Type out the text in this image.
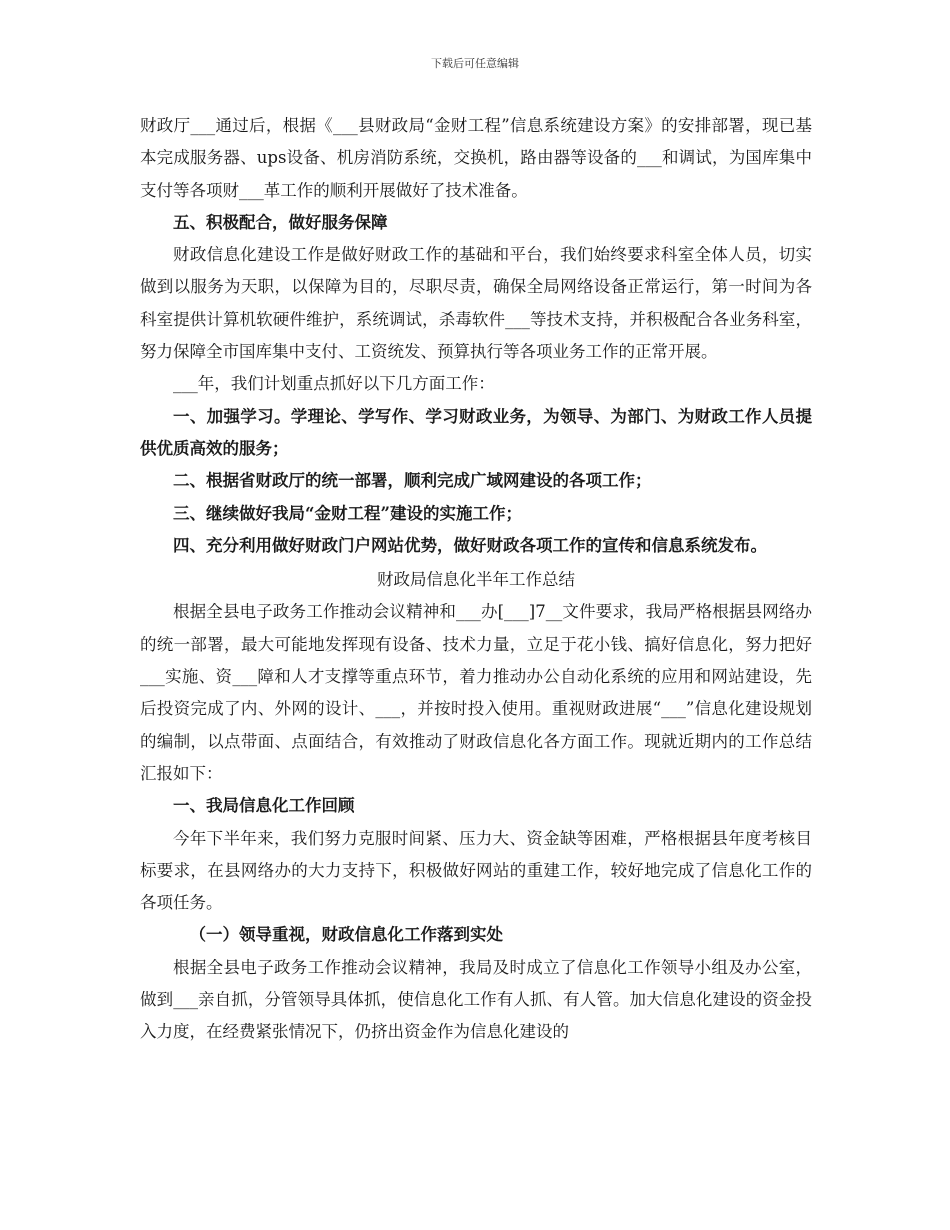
下载后可任意编辑

财政厅___通过后，根据《___县财政局“金财工程”信息系统建设方案》的安排部署，现已基本完成服务器、ups设备、机房消防系统，交换机，路由器等设备的___和调试，为国库集中支付等各项财___革工作的顺利开展做好了技术准备。

五、积极配合，做好服务保障

财政信息化建设工作是做好财政工作的基础和平台，我们始终要求科室全体人员，切实做到以服务为天职，以保障为目的，尽职尽责，确保全局网络设备正常运行，第一时间为各科室提供计算机软硬件维护，系统调试，杀毒软件___等技术支持，并积极配合各业务科室，努力保障全市国库集中支付、工资统发、预算执行等各项业务工作的正常开展。

___年，我们计划重点抓好以下几方面工作：

一、加强学习。学理论、学写作、学习财政业务，为领导、为部门、为财政工作人员提供优质高效的服务；

二、根据省财政厅的统一部署，顺利完成广域网建设的各项工作；

三、继续做好我局“金财工程”建设的实施工作；

四、充分利用做好财政门户网站优势，做好财政各项工作的宣传和信息系统发布。

财政局信息化半年工作总结

根据全县电子政务工作推动会议精神和___办[___]7__文件要求，我局严格根据县网络办的统一部署，最大可能地发挥现有设备、技术力量，立足于花小钱、搞好信息化，努力把好___实施、资___障和人才支撑等重点环节，着力推动办公自动化系统的应用和网站建设，先后投资完成了内、外网的设计、___，并按时投入使用。重视财政进展“___”信息化建设规划的编制，以点带面、点面结合，有效推动了财政信息化各方面工作。现就近期内的工作总结汇报如下：

一、我局信息化工作回顾

今年下半年来，我们努力克服时间紧、压力大、资金缺等困难，严格根据县年度考核目标要求，在县网络办的大力支持下，积极做好网站的重建工作，较好地完成了信息化工作的各项任务。

（一）领导重视，财政信息化工作落到实处

根据全县电子政务工作推动会议精神，我局及时成立了信息化工作领导小组及办公室，做到___亲自抓，分管领导具体抓，使信息化工作有人抓、有人管。加大信息化建设的资金投入力度，在经费紧张情况下，仍挤出资金作为信息化建设的
